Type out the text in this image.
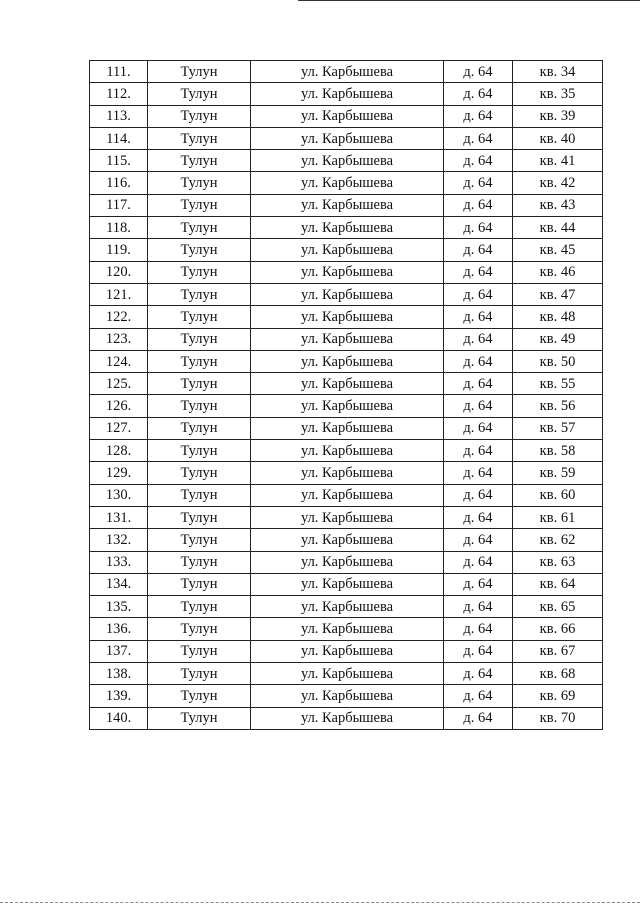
111.	Тулун	ул. Карбышева	д. 64	кв. 34
112.	Тулун	ул. Карбышева	д. 64	кв. 35
113.	Тулун	ул. Карбышева	д. 64	кв. 39
114.	Тулун	ул. Карбышева	д. 64	кв. 40
115.	Тулун	ул. Карбышева	д. 64	кв. 41
116.	Тулун	ул. Карбышева	д. 64	кв. 42
117.	Тулун	ул. Карбышева	д. 64	кв. 43
118.	Тулун	ул. Карбышева	д. 64	кв. 44
119.	Тулун	ул. Карбышева	д. 64	кв. 45
120.	Тулун	ул. Карбышева	д. 64	кв. 46
121.	Тулун	ул. Карбышева	д. 64	кв. 47
122.	Тулун	ул. Карбышева	д. 64	кв. 48
123.	Тулун	ул. Карбышева	д. 64	кв. 49
124.	Тулун	ул. Карбышева	д. 64	кв. 50
125.	Тулун	ул. Карбышева	д. 64	кв. 55
126.	Тулун	ул. Карбышева	д. 64	кв. 56
127.	Тулун	ул. Карбышева	д. 64	кв. 57
128.	Тулун	ул. Карбышева	д. 64	кв. 58
129.	Тулун	ул. Карбышева	д. 64	кв. 59
130.	Тулун	ул. Карбышева	д. 64	кв. 60
131.	Тулун	ул. Карбышева	д. 64	кв. 61
132.	Тулун	ул. Карбышева	д. 64	кв. 62
133.	Тулун	ул. Карбышева	д. 64	кв. 63
134.	Тулун	ул. Карбышева	д. 64	кв. 64
135.	Тулун	ул. Карбышева	д. 64	кв. 65
136.	Тулун	ул. Карбышева	д. 64	кв. 66
137.	Тулун	ул. Карбышева	д. 64	кв. 67
138.	Тулун	ул. Карбышева	д. 64	кв. 68
139.	Тулун	ул. Карбышева	д. 64	кв. 69
140.	Тулун	ул. Карбышева	д. 64	кв. 70
